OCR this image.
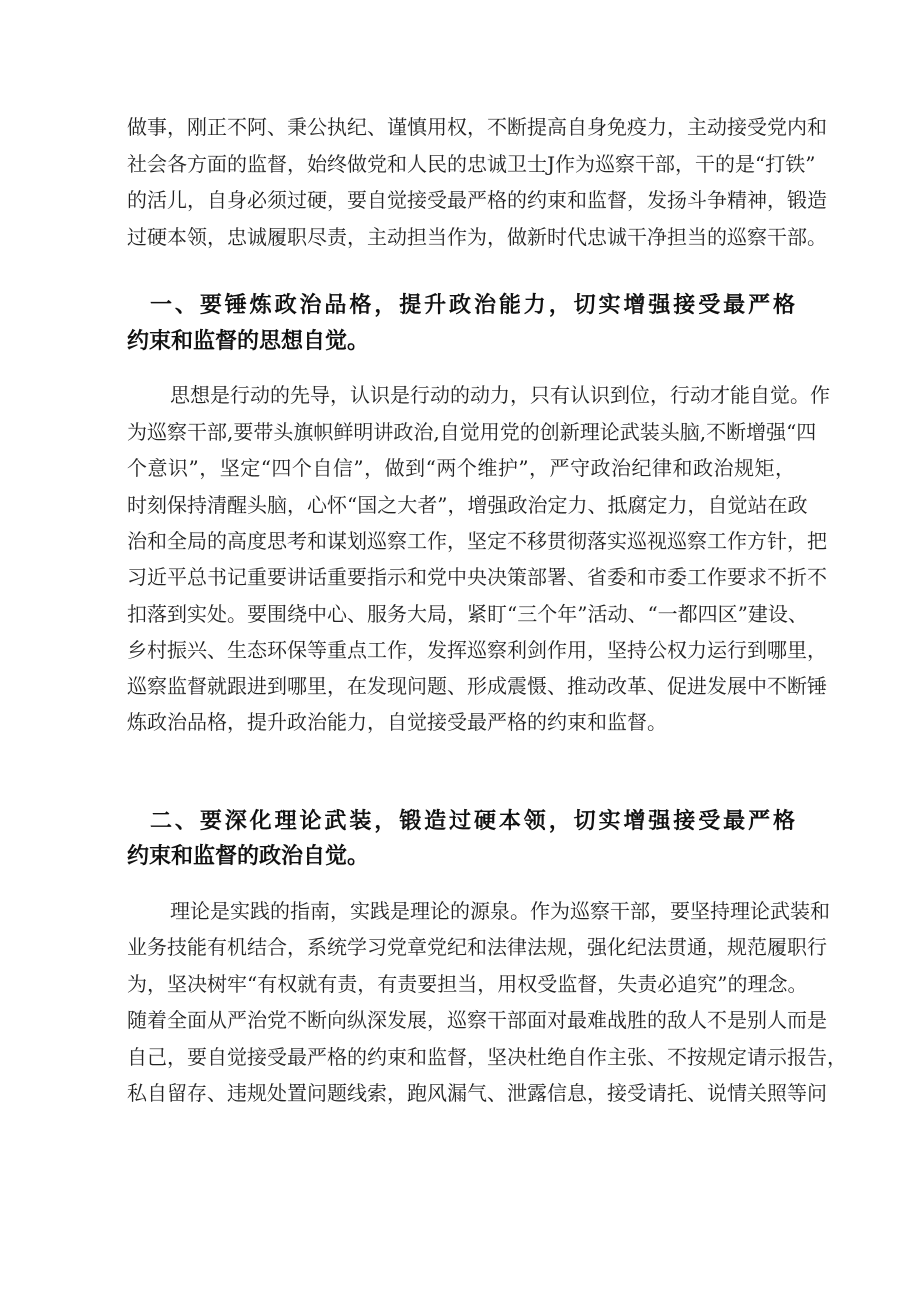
做事，刚正不阿、秉公执纪、谨慎用权，不断提高自身免疫力，主动接受党内和
社会各方面的监督，始终做党和人民的忠诚卫士J作为巡察干部，干的是“打铁”
的活儿，自身必须过硬，要自觉接受最严格的约束和监督，发扬斗争精神，锻造
过硬本领，忠诚履职尽责，主动担当作为，做新时代忠诚干净担当的巡察干部。
一、要锤炼政治品格，提升政治能力，切实增强接受最严格
约束和监督的思想自觉。
思想是行动的先导，认识是行动的动力，只有认识到位，行动才能自觉。作
为巡察干部,要带头旗帜鲜明讲政治,自觉用党的创新理论武装头脑,不断增强“四
个意识”，坚定“四个自信”，做到“两个维护”，严守政治纪律和政治规矩，
时刻保持清醒头脑，心怀“国之大者”，增强政治定力、抵腐定力，自觉站在政
治和全局的高度思考和谋划巡察工作，坚定不移贯彻落实巡视巡察工作方针，把
习近平总书记重要讲话重要指示和党中央决策部署、省委和市委工作要求不折不
扣落到实处。要围绕中心、服务大局，紧盯“三个年”活动、“一都四区”建设、
乡村振兴、生态环保等重点工作，发挥巡察利剑作用，坚持公权力运行到哪里，
巡察监督就跟进到哪里，在发现问题、形成震慑、推动改革、促进发展中不断锤
炼政治品格，提升政治能力，自觉接受最严格的约束和监督。
二、要深化理论武装，锻造过硬本领，切实增强接受最严格
约束和监督的政治自觉。
理论是实践的指南，实践是理论的源泉。作为巡察干部，要坚持理论武装和
业务技能有机结合，系统学习党章党纪和法律法规，强化纪法贯通，规范履职行
为，坚决树牢“有权就有责，有责要担当，用权受监督，失责必追究”的理念。
随着全面从严治党不断向纵深发展，巡察干部面对最难战胜的敌人不是别人而是
自己，要自觉接受最严格的约束和监督，坚决杜绝自作主张、不按规定请示报告，
私自留存、违规处置问题线索，跑风漏气、泄露信息，接受请托、说情关照等问
